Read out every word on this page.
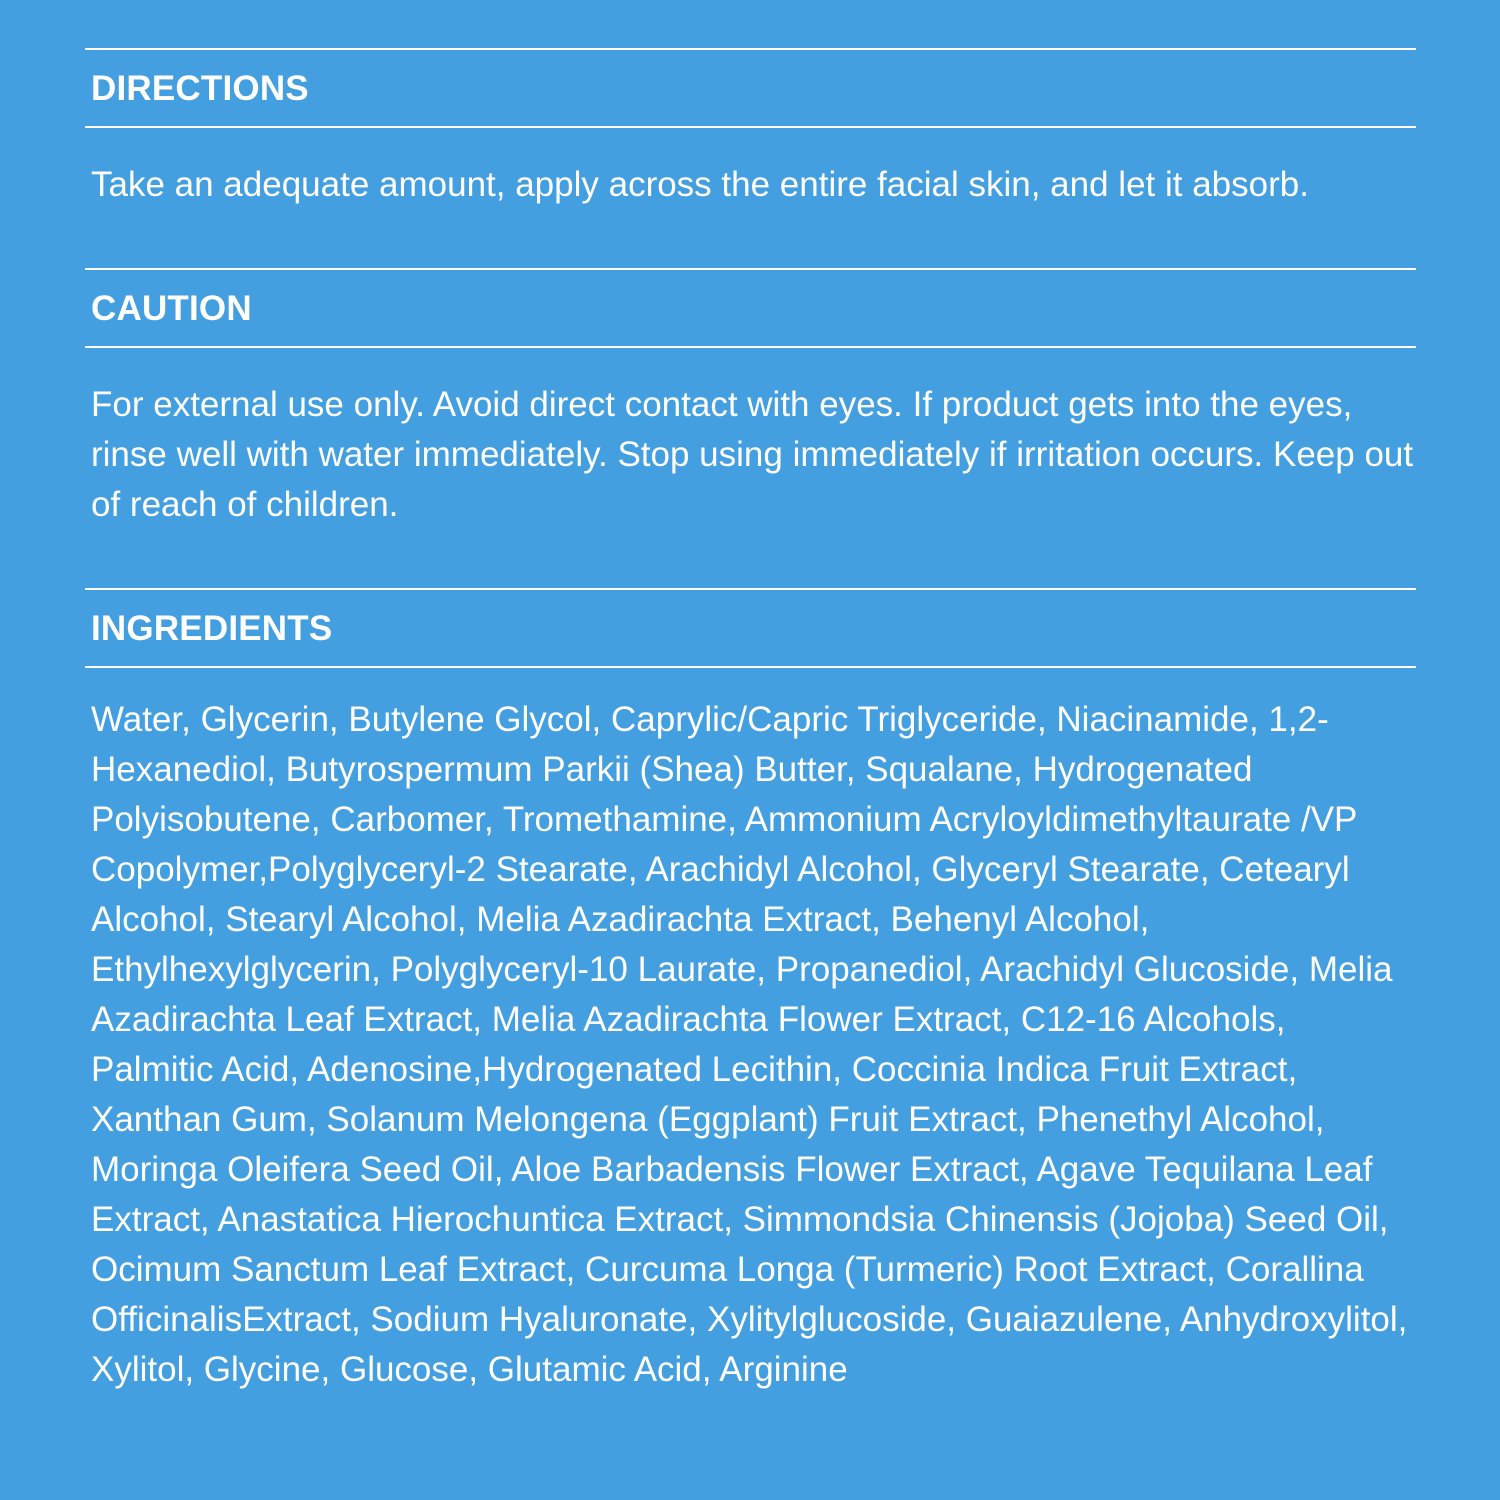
DIRECTIONS

Take an adequate amount, apply across the entire facial skin, and let it absorb.

CAUTION

For external use only. Avoid direct contact with eyes. If product gets into the eyes, rinse well with water immediately. Stop using immediately if irritation occurs. Keep out of reach of children.

INGREDIENTS

Water, Glycerin, Butylene Glycol, Caprylic/Capric Triglyceride, Niacinamide, 1,2-Hexanediol, Butyrospermum Parkii (Shea) Butter, Squalane, Hydrogenated Polyisobutene, Carbomer, Tromethamine, Ammonium Acryloyldimethyltaurate /VP Copolymer,Polyglyceryl-2 Stearate, Arachidyl Alcohol, Glyceryl Stearate, Cetearyl Alcohol, Stearyl Alcohol, Melia Azadirachta Extract, Behenyl Alcohol, Ethylhexylglycerin, Polyglyceryl-10 Laurate, Propanediol, Arachidyl Glucoside, Melia Azadirachta Leaf Extract, Melia Azadirachta Flower Extract, C12-16 Alcohols, Palmitic Acid, Adenosine,Hydrogenated Lecithin, Coccinia Indica Fruit Extract, Xanthan Gum, Solanum Melongena (Eggplant) Fruit Extract, Phenethyl Alcohol, Moringa Oleifera Seed Oil, Aloe Barbadensis Flower Extract, Agave Tequilana Leaf Extract, Anastatica Hierochuntica Extract, Simmondsia Chinensis (Jojoba) Seed Oil, Ocimum Sanctum Leaf Extract, Curcuma Longa (Turmeric) Root Extract, Corallina OfficinalisExtract, Sodium Hyaluronate, Xylitylglucoside, Guaiazulene, Anhydroxylitol, Xylitol, Glycine, Glucose, Glutamic Acid, Arginine
